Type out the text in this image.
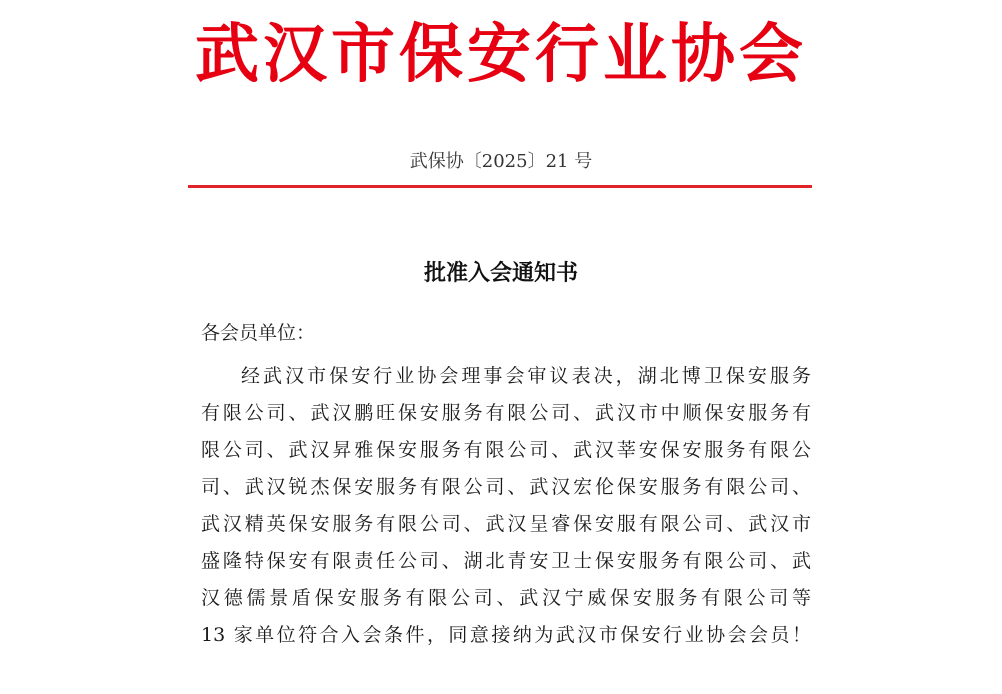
武汉市保安行业协会
武保协〔2025〕21 号
批准入会通知书
各会员单位：
经武汉市保安行业协会理事会审议表决，湖北博卫保安服务
有限公司、武汉鹏旺保安服务有限公司、武汉市中顺保安服务有
限公司、武汉昇雅保安服务有限公司、武汉莘安保安服务有限公
司、武汉锐杰保安服务有限公司、武汉宏伦保安服务有限公司、
武汉精英保安服务有限公司、武汉呈睿保安服有限公司、武汉市
盛隆特保安有限责任公司、湖北青安卫士保安服务有限公司、武
汉德儒景盾保安服务有限公司、武汉宁威保安服务有限公司等
13 家单位符合入会条件，同意接纳为武汉市保安行业协会会员！
